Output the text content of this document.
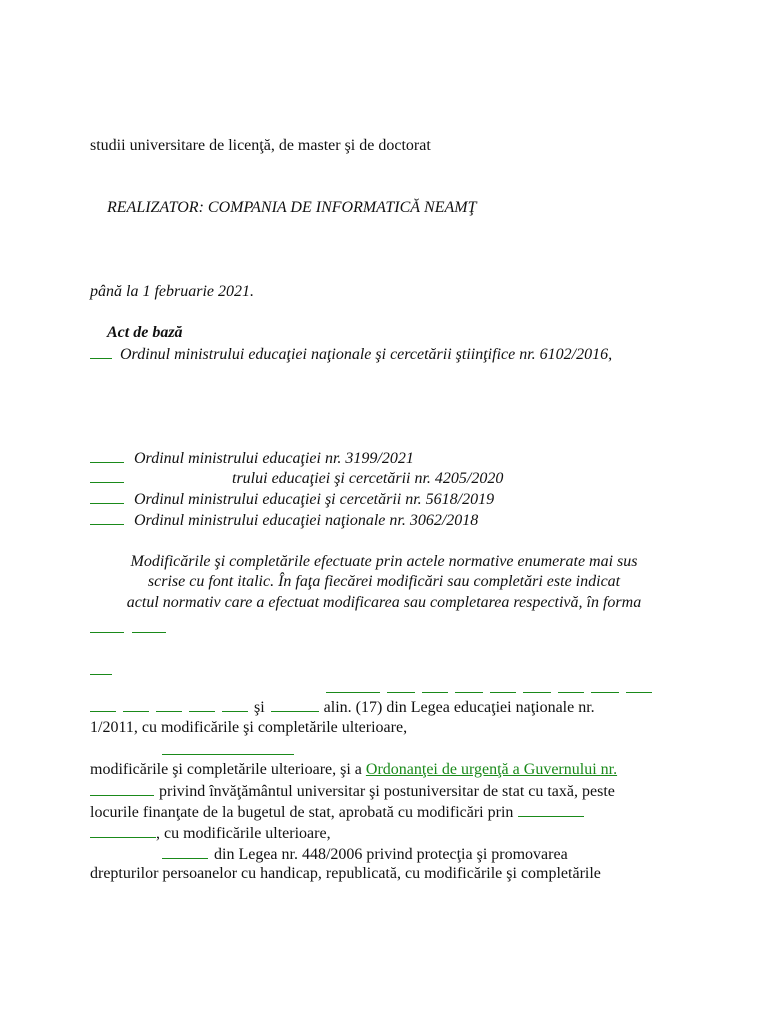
studii universitare de licenţă, de master şi de doctorat
REALIZATOR: COMPANIA DE INFORMATICĂ NEAMŢ
până la 1 februarie 2021.
Act de bază
Ordinul ministrului educaţiei naţionale şi cercetării ştiinţifice nr. 6102/2016,
Ordinul ministrului educaţiei nr. 3199/2021
trului educaţiei şi cercetării nr. 4205/2020
Ordinul ministrului educaţiei şi cercetării nr. 5618/2019
Ordinul ministrului educaţiei naţionale nr. 3062/2018
Modificările şi completările efectuate prin actele normative enumerate mai sus
scrise cu font italic. În faţa fiecărei modificări sau completări este indicat
actul normativ care a efectuat modificarea sau completarea respectivă, în forma
şi	alin. (17) din Legea educaţiei naţionale nr.
1/2011, cu modificările şi completările ulterioare,
modificările şi completările ulterioare, şi a Ordonanţei de urgenţă a Guvernului nr.
privind învăţământul universitar şi postuniversitar de stat cu taxă, peste
locurile finanţate de la bugetul de stat, aprobată cu modificări prin
, cu modificările ulterioare,
din Legea nr. 448/2006 privind protecţia şi promovarea
drepturilor persoanelor cu handicap, republicată, cu modificările şi completările
